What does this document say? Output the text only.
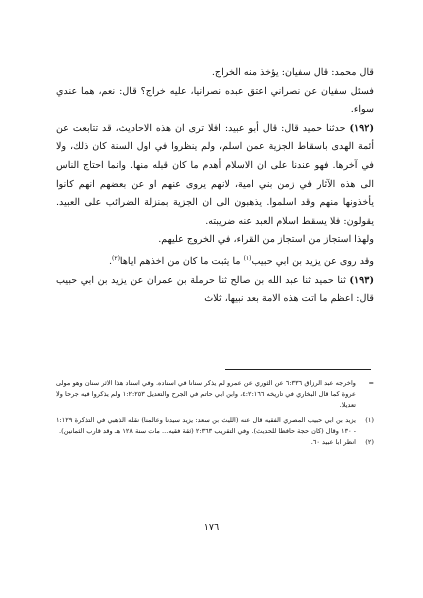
قال محمد: قال سفيان: يؤخذ منه الخراج.

فسئل سفيان عن نصراني اعتق عبده نصرانيا، عليه خراج؟ قال: نعم، هما عندي سواء.

(١٩٢) حدثنا حميد قال: قال أبو عبيد: افلا ترى ان هذه الاحاديث، قد تتابعت عن أئمة الهدى باسقاط الجزية عمن اسلم، ولم ينظروا في اول السنة كان ذلك، ولا في آخرها. فهو عندنا على ان الاسلام أهدم ما كان قبله منها. وانما احتاج الناس الى هذه الآثار في زمن بني امية، لانهم يروى عنهم او عن بعضهم انهم كانوا يأخذونها منهم وقد اسلموا. يذهبون الى ان الجزية بمنزلة الضرائب على العبيد. يقولون: فلا يسقط اسلام العبد عنه ضريبته.

ولهذا استجاز من استجاز من القراء، في الخروج عليهم.

وقد روى عن يزيد بن ابي حبيب$^{(١)}$ ما يثبت ما كان من اخذهم اياها$^{(٢)}$.

(١٩٣) ثنا حميد ثنا عبد الله بن صالح ثنا حرملة بن عمران عن يزيد بن ابي حبيب قال: اعظم ما اتت هذه الامة بعد نبيها، ثلاث

=
واخرجه عبد الرزاق ٦:٣٣٦ عن الثوري عن عمرو لم يذكر سنانا في اسناده. وفي اسناد هذا الاثر سنان وهو مولى عروة كما قال البخاري في تاريخه ٤:٢:١٦٦، وابن ابي حاتم في الجرح والتعديل ١:٢:٢٥٣ ولم يذكروا فيه جرحا ولا تعديلا.
(١)
يزيد بن ابي حبيب المصري الفقيه قال عنه (الليث بن سعد: يزيد سيدنا وعالمنا) نقله الذهبي في التذكرة ١:١٢٩ - ١٣٠ وقال (كان حجة حافظا للحديث). وفي التقريب ٢:٣٦٣ (ثقة فقيه... مات سنة ١٢٨ هـ وقد قارب الثمانين).
(٢)
انظر ابا عبيد ٦٠.
١٧٦
